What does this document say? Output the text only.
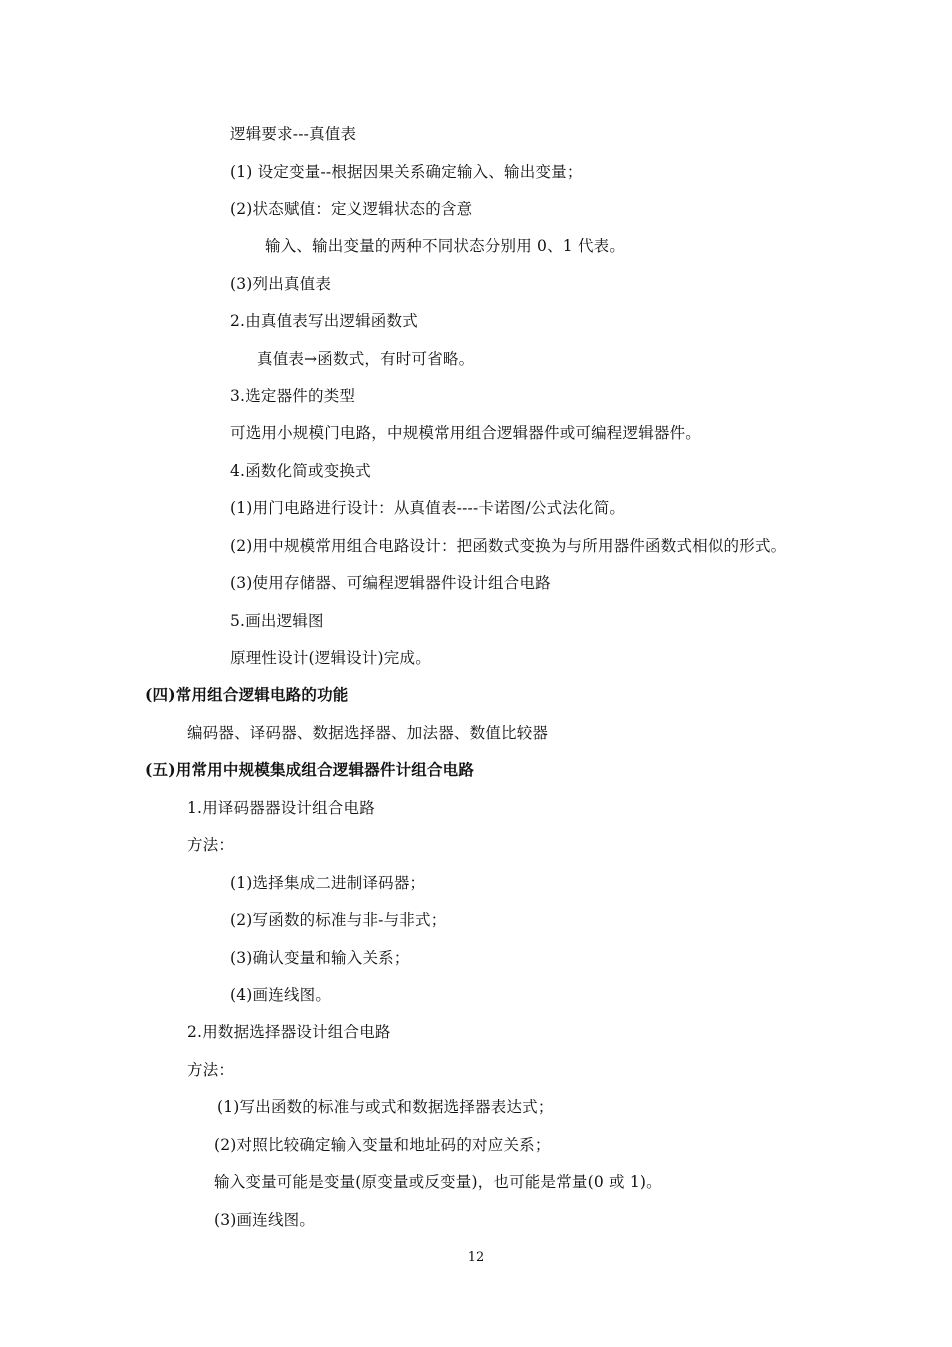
逻辑要求---真值表
(1) 设定变量--根据因果关系确定输入、输出变量；
(2)状态赋值：定义逻辑状态的含意
输入、输出变量的两种不同状态分别用 0、1 代表。
(3)列出真值表
2.由真值表写出逻辑函数式
真值表→函数式，有时可省略。
3.选定器件的类型
可选用小规模门电路，中规模常用组合逻辑器件或可编程逻辑器件。
4.函数化简或变换式
(1)用门电路进行设计：从真值表----卡诺图/公式法化简。
(2)用中规模常用组合电路设计：把函数式变换为与所用器件函数式相似的形式。
(3)使用存储器、可编程逻辑器件设计组合电路
5.画出逻辑图
原理性设计(逻辑设计)完成。
(四)常用组合逻辑电路的功能
编码器、译码器、数据选择器、加法器、数值比较器
(五)用常用中规模集成组合逻辑器件计组合电路
1.用译码器器设计组合电路
方法：
(1)选择集成二进制译码器；
(2)写函数的标准与非-与非式；
(3)确认变量和输入关系；
(4)画连线图。
2.用数据选择器设计组合电路
方法：
(1)写出函数的标准与或式和数据选择器表达式；
(2)对照比较确定输入变量和地址码的对应关系；
输入变量可能是变量(原变量或反变量)，也可能是常量(0 或 1)。
(3)画连线图。
12
